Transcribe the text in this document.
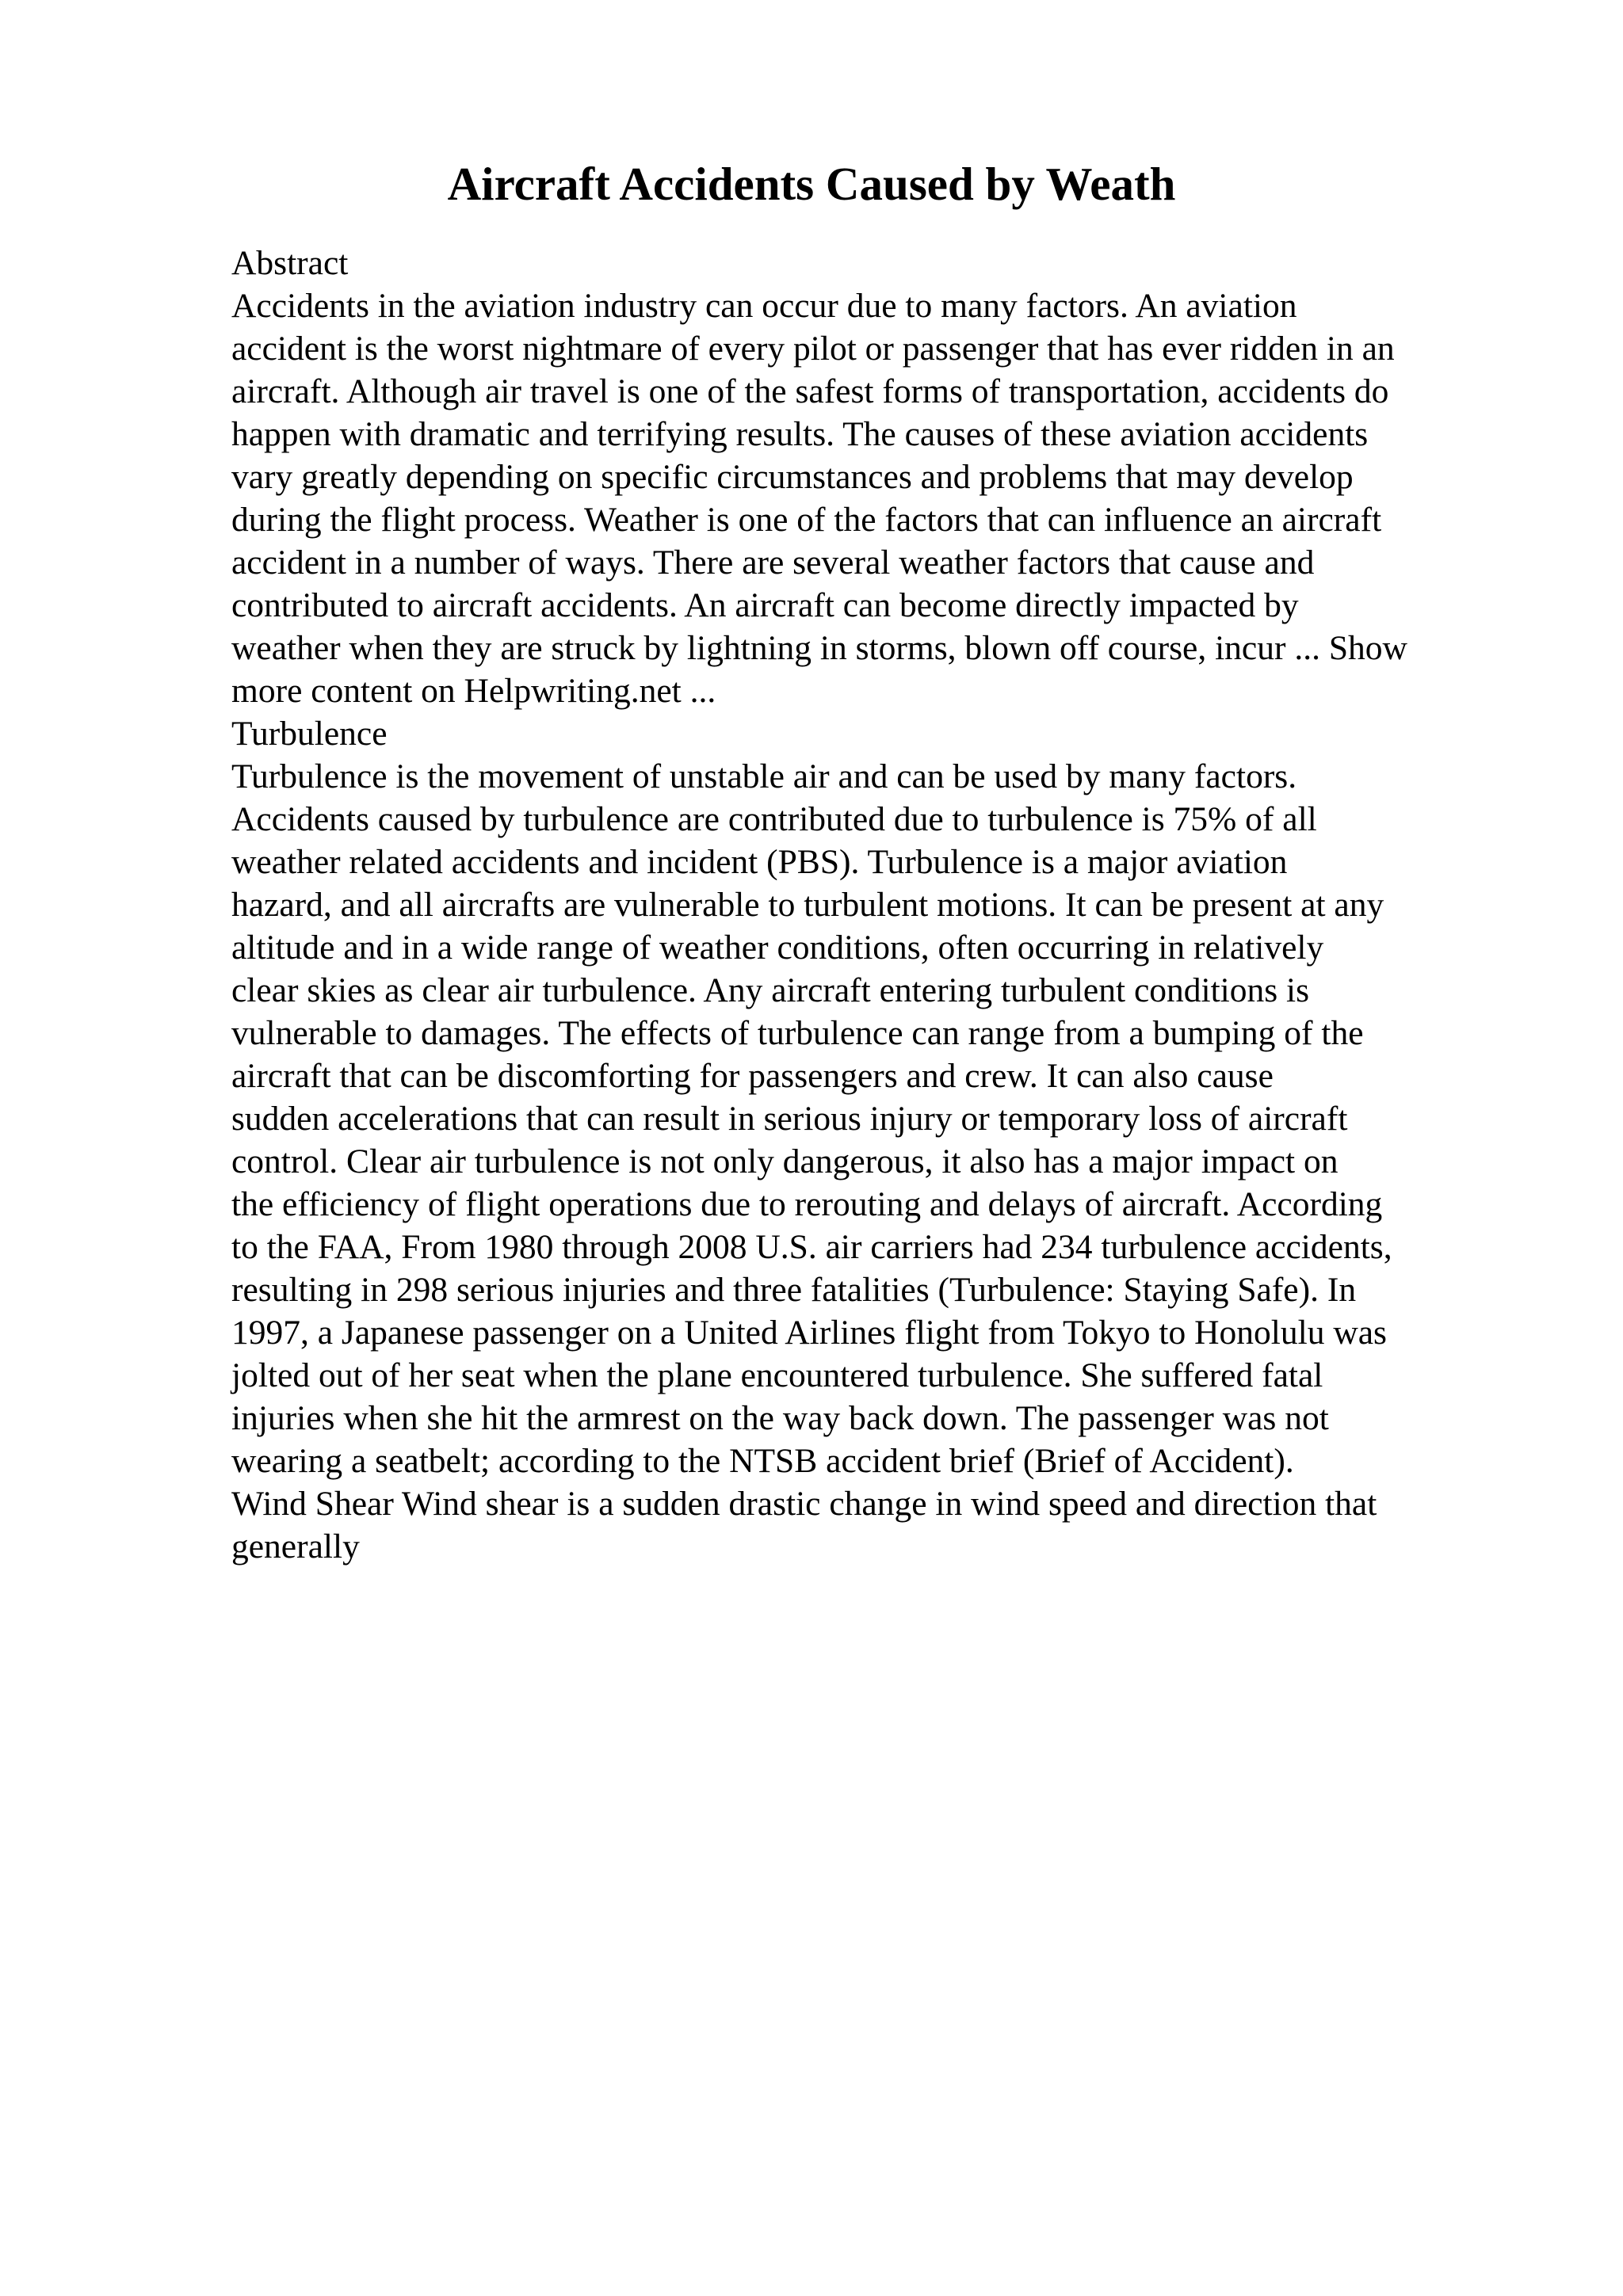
Aircraft Accidents Caused by Weath
Abstract
Accidents in the aviation industry can occur due to many factors. An aviation
accident is the worst nightmare of every pilot or passenger that has ever ridden in an
aircraft. Although air travel is one of the safest forms of transportation, accidents do
happen with dramatic and terrifying results. The causes of these aviation accidents
vary greatly depending on specific circumstances and problems that may develop
during the flight process. Weather is one of the factors that can influence an aircraft
accident in a number of ways. There are several weather factors that cause and
contributed to aircraft accidents. An aircraft can become directly impacted by
weather when they are struck by lightning in storms, blown off course, incur ... Show
more content on Helpwriting.net ...
Turbulence
Turbulence is the movement of unstable air and can be used by many factors.
Accidents caused by turbulence are contributed due to turbulence is 75% of all
weather related accidents and incident (PBS). Turbulence is a major aviation
hazard, and all aircrafts are vulnerable to turbulent motions. It can be present at any
altitude and in a wide range of weather conditions, often occurring in relatively
clear skies as clear air turbulence. Any aircraft entering turbulent conditions is
vulnerable to damages. The effects of turbulence can range from a bumping of the
aircraft that can be discomforting for passengers and crew. It can also cause
sudden accelerations that can result in serious injury or temporary loss of aircraft
control. Clear air turbulence is not only dangerous, it also has a major impact on
the efficiency of flight operations due to rerouting and delays of aircraft. According
to the FAA, From 1980 through 2008 U.S. air carriers had 234 turbulence accidents,
resulting in 298 serious injuries and three fatalities (Turbulence: Staying Safe). In
1997, a Japanese passenger on a United Airlines flight from Tokyo to Honolulu was
jolted out of her seat when the plane encountered turbulence. She suffered fatal
injuries when she hit the armrest on the way back down. The passenger was not
wearing a seatbelt; according to the NTSB accident brief (Brief of Accident).
Wind Shear Wind shear is a sudden drastic change in wind speed and direction that
generally
